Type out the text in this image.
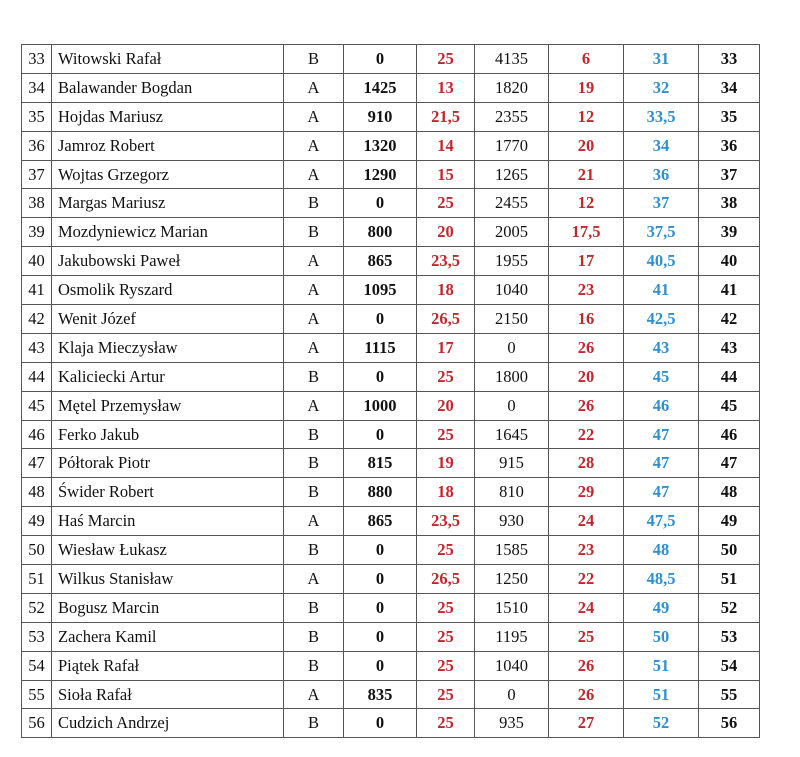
33	Witowski Rafał	B	0	25	4135	6	31	33
34	Balawander Bogdan	A	1425	13	1820	19	32	34
35	Hojdas Mariusz	A	910	21,5	2355	12	33,5	35
36	Jamroz Robert	A	1320	14	1770	20	34	36
37	Wojtas Grzegorz	A	1290	15	1265	21	36	37
38	Margas Mariusz	B	0	25	2455	12	37	38
39	Mozdyniewicz Marian	B	800	20	2005	17,5	37,5	39
40	Jakubowski Paweł	A	865	23,5	1955	17	40,5	40
41	Osmolik Ryszard	A	1095	18	1040	23	41	41
42	Wenit Józef	A	0	26,5	2150	16	42,5	42
43	Klaja Mieczysław	A	1115	17	0	26	43	43
44	Kaliciecki Artur	B	0	25	1800	20	45	44
45	Mętel Przemysław	A	1000	20	0	26	46	45
46	Ferko Jakub	B	0	25	1645	22	47	46
47	Półtorak Piotr	B	815	19	915	28	47	47
48	Świder Robert	B	880	18	810	29	47	48
49	Haś Marcin	A	865	23,5	930	24	47,5	49
50	Wiesław Łukasz	B	0	25	1585	23	48	50
51	Wilkus Stanisław	A	0	26,5	1250	22	48,5	51
52	Bogusz Marcin	B	0	25	1510	24	49	52
53	Zachera Kamil	B	0	25	1195	25	50	53
54	Piątek Rafał	B	0	25	1040	26	51	54
55	Sioła Rafał	A	835	25	0	26	51	55
56	Cudzich Andrzej	B	0	25	935	27	52	56
